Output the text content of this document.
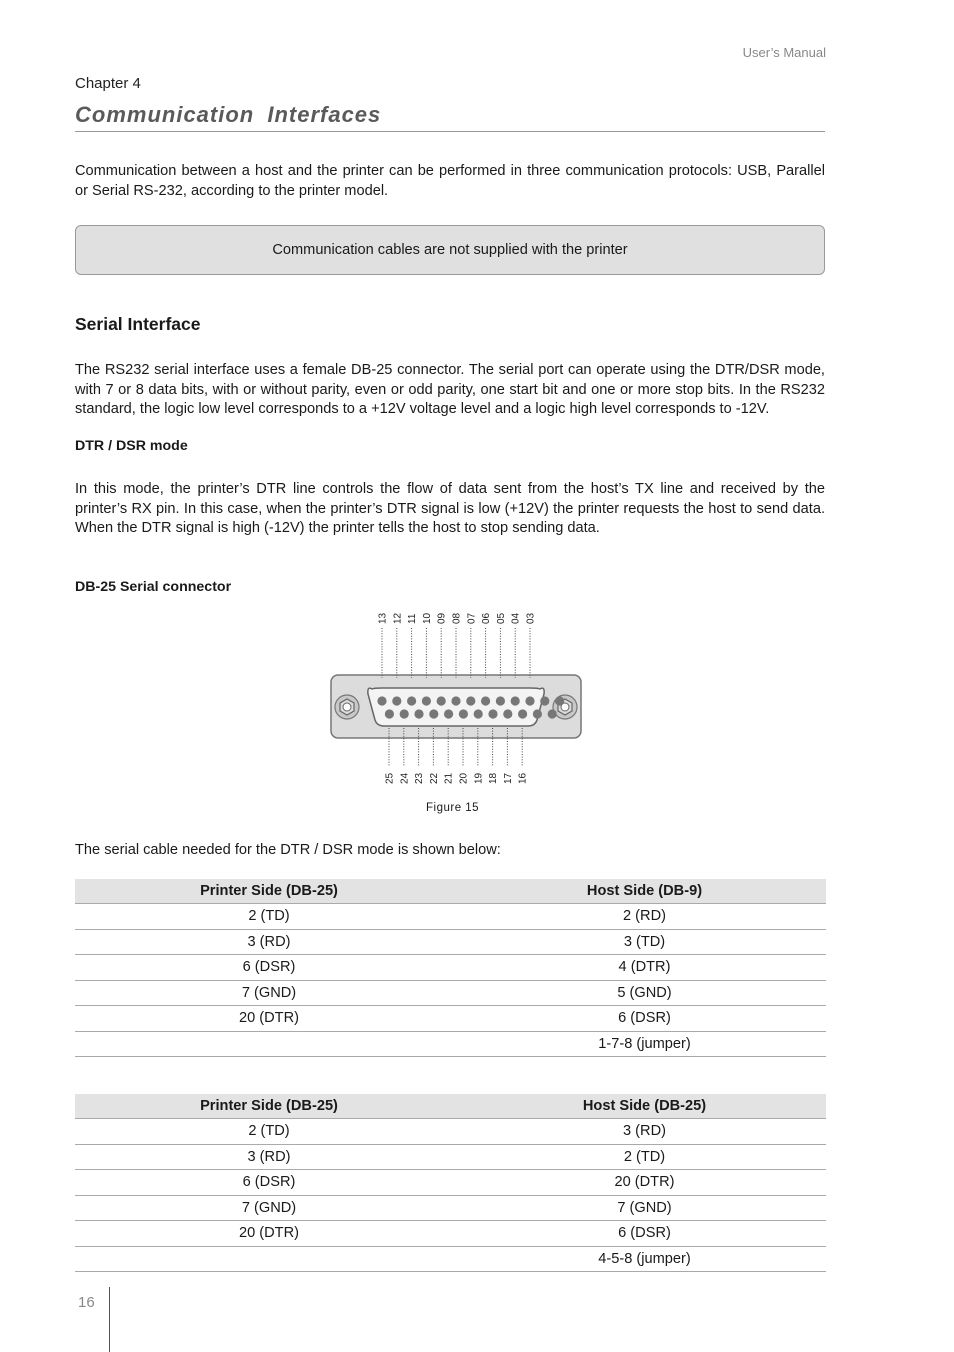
User’s Manual
Chapter 4
Communication Interfaces

Communication between a host and the printer can be performed in three communication protocols: USB, Parallel or Serial RS-232, according to the printer model.

Communication cables are not supplied with the printer
Serial Interface

The RS232 serial interface uses a female DB-25 connector. The serial port can operate using the DTR/DSR mode, with 7 or 8 data bits, with or without parity, even or odd parity, one start bit and one or more stop bits. In the RS232 standard, the logic low level corresponds to a +12V voltage level and a logic high level corresponds to -12V.

DTR / DSR mode

In this mode, the printer’s DTR line controls the flow of data sent from the host’s TX line and received by the printer’s RX pin. In this case, when the printer’s DTR signal is low (+12V) the printer requests the host to send data. When the DTR signal is high (-12V) the printer tells the host to stop sending data.

DB-25 Serial connector
13 12 11 10 09 08 07 06 05 04 03
25 24 23 22 21 20 19 18 17 16
Figure 15

The serial cable needed for the DTR / DSR mode is shown below:

Printer Side (DB-25)	Host Side (DB-9)
2 (TD)	2 (RD)
3 (RD)	3 (TD)
6 (DSR)	4 (DTR)
7 (GND)	5 (GND)
20 (DTR)	6 (DSR)
	1-7-8 (jumper)
Printer Side (DB-25)	Host Side (DB-25)
2 (TD)	3 (RD)
3 (RD)	2 (TD)
6 (DSR)	20 (DTR)
7 (GND)	7 (GND)
20 (DTR)	6 (DSR)
	4-5-8 (jumper)
16
